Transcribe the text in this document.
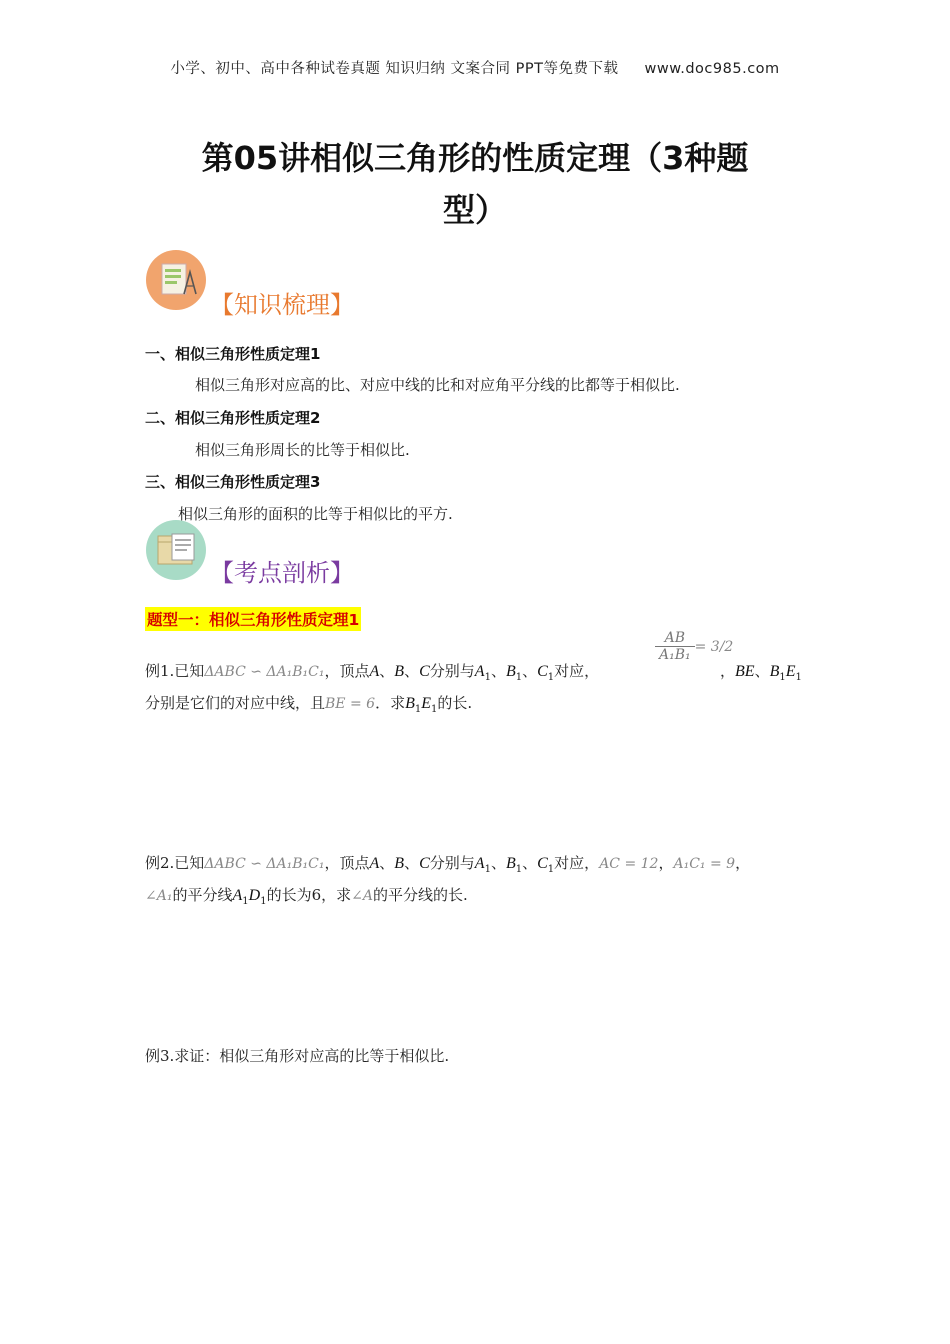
小学、初中、高中各种试卷真题 知识归纳 文案合同 PPT等免费下载 www.doc985.com
第05讲相似三角形的性质定理（3种题
型）
【知识梳理】
一、相似三角形性质定理1
相似三角形对应高的比、对应中线的比和对应角平分线的比都等于相似比.
二、相似三角形性质定理2
相似三角形周长的比等于相似比.
三、相似三角形性质定理3
相似三角形的面积的比等于相似比的平方.
【考点剖析】
题型一：相似三角形性质定理1
例1.已知ΔABC ∽ ΔA₁B₁C₁，顶点A、B、C分别与$A_1$、$B_1$、$C_1$对应，
$\frac{AB}{\text{A₁B₁}} = 3/2$
，BE、$B_1E_1$
分别是它们的对应中线，且BE = 6．求$B_1E_1$的长.
例2.已知ΔABC ∽ ΔA₁B₁C₁，顶点A、B、C分别与$A_1$、$B_1$、$C_1$对应，AC = 12，A₁C₁ = 9，
∠A₁的平分线$A_1D_1$的长为6，求∠A的平分线的长.
例3.求证：相似三角形对应高的比等于相似比.
